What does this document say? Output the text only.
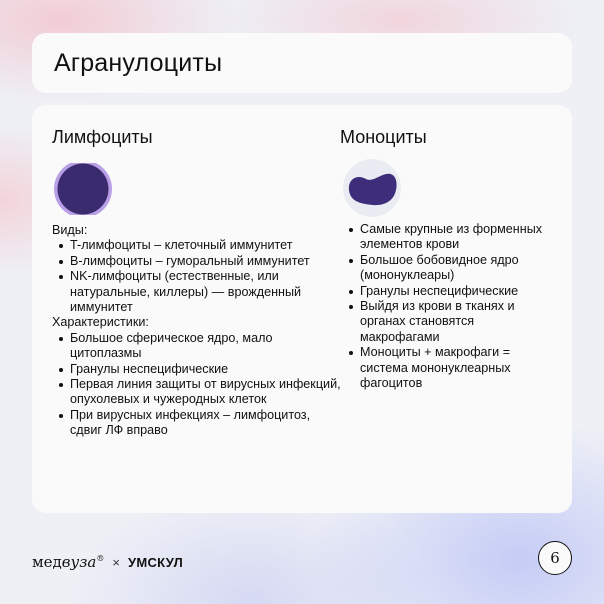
Агранулоциты
Лимфоциты

Виды:

T-лимфоциты – клеточный иммунитет
B-лимфоциты – гуморальный иммунитет
NK-лимфоциты (естественные, или натуральные, киллеры) — врожденный иммунитет

Характеристики:

Большое сферическое ядро, мало цитоплазмы
Гранулы неспецифические
Первая линия защиты от вирусных инфекций, опухолевых и чужеродных клеток
При вирусных инфекциях – лимфоцитоз, сдвиг ЛФ вправо
Моноциты
Самые крупные из форменных элементов крови
Большое бобовидное ядро (мононуклеары)
Гранулы неспецифические
Выйдя из крови в тканях и органах становятся макрофагами
Моноциты + макрофаги = система мононуклеарных фагоцитов
медвуза® × УМСКУЛ	6
